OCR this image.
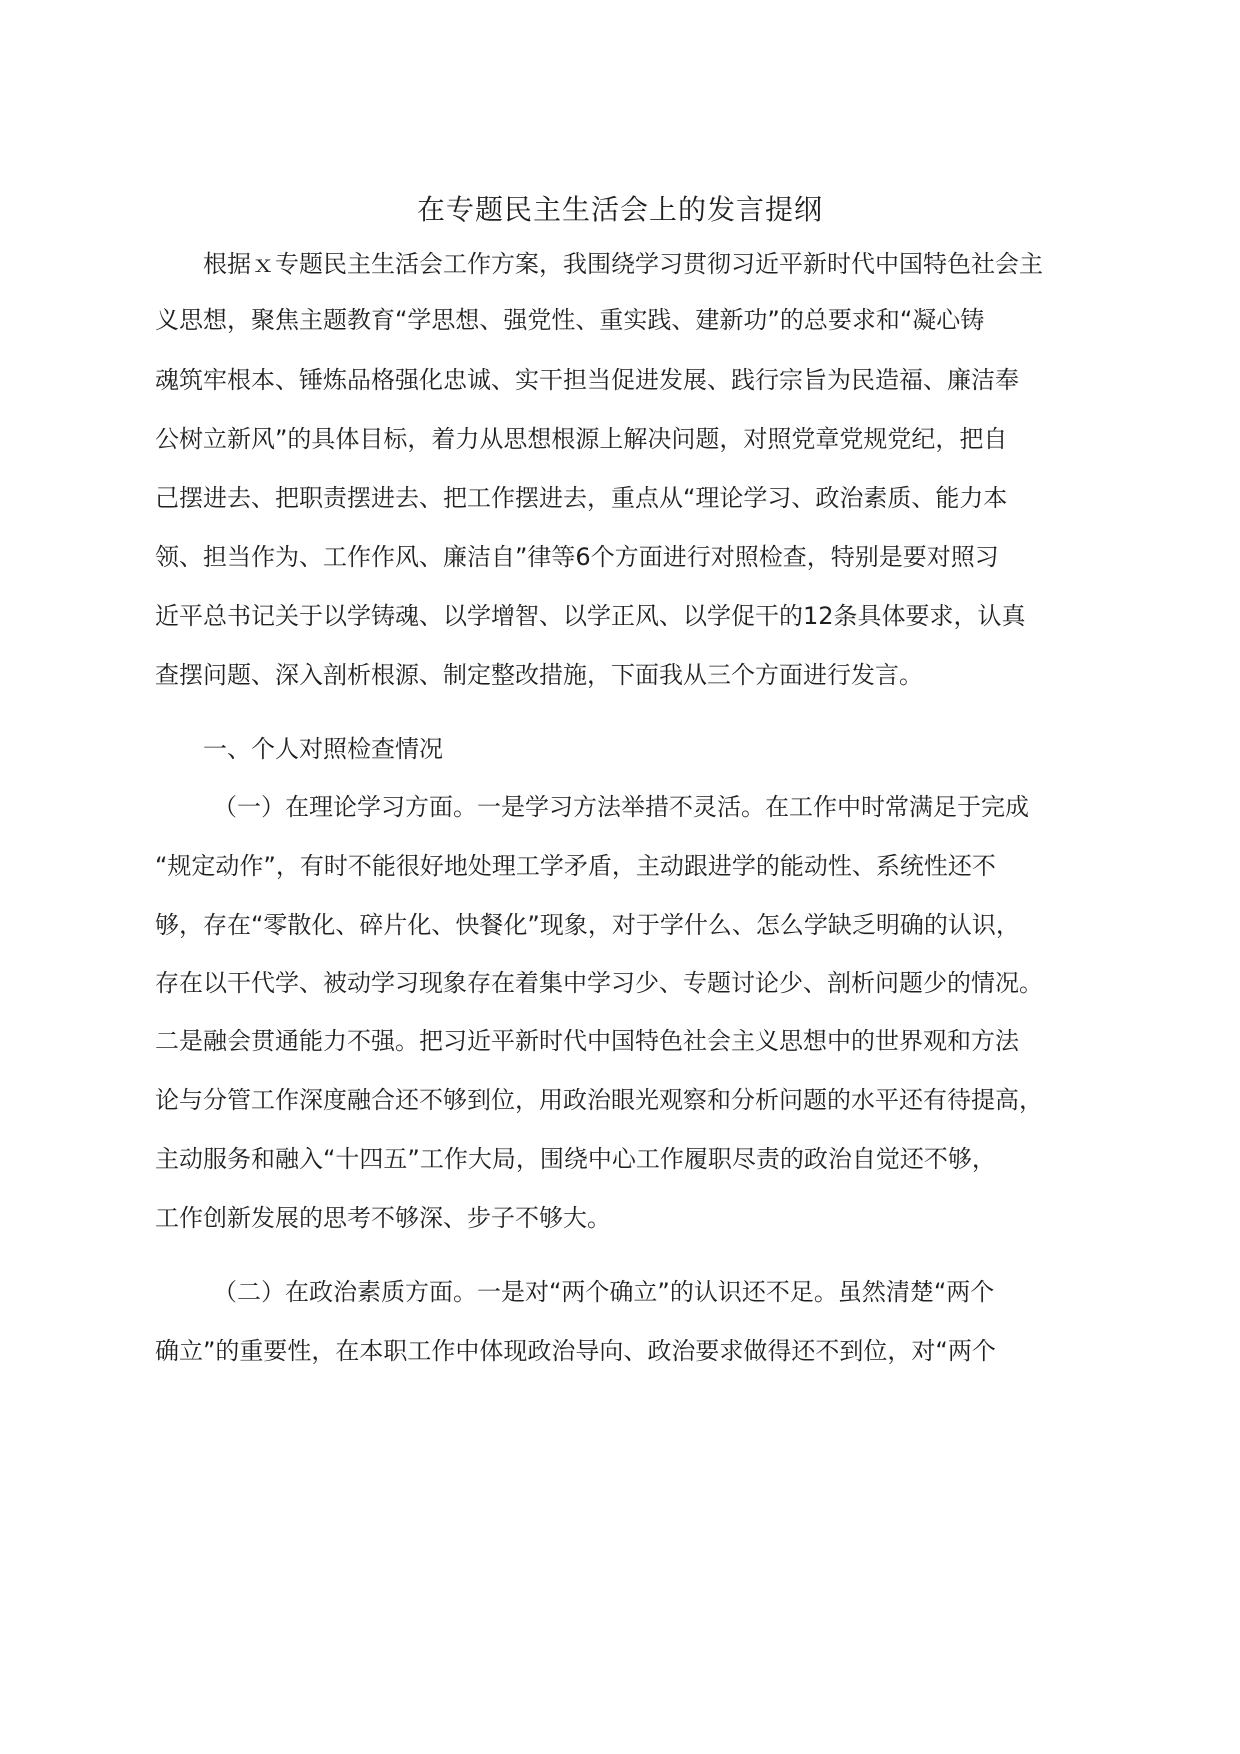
在专题民主生活会上的发言提纲

根据ｘ专题民主生活会工作方案，我围绕学习贯彻习近平新时代中国特色社会主

义思想，聚焦主题教育“学思想、强党性、重实践、建新功”的总要求和“凝心铸

魂筑牢根本、锤炼品格强化忠诚、实干担当促进发展、践行宗旨为民造福、廉洁奉

公树立新风”的具体目标，着力从思想根源上解决问题，对照党章党规党纪，把自

己摆进去、把职责摆进去、把工作摆进去，重点从“理论学习、政治素质、能力本

领、担当作为、工作作风、廉洁自”律等6个方面进行对照检查，特别是要对照习

近平总书记关于以学铸魂、以学增智、以学正风、以学促干的12条具体要求，认真

查摆问题、深入剖析根源、制定整改措施，下面我从三个方面进行发言。

一、个人对照检查情况

（一）在理论学习方面。一是学习方法举措不灵活。在工作中时常满足于完成

“规定动作”，有时不能很好地处理工学矛盾，主动跟进学的能动性、系统性还不

够，存在“零散化、碎片化、快餐化”现象，对于学什么、怎么学缺乏明确的认识，

存在以干代学、被动学习现象存在着集中学习少、专题讨论少、剖析问题少的情况。

二是融会贯通能力不强。把习近平新时代中国特色社会主义思想中的世界观和方法

论与分管工作深度融合还不够到位，用政治眼光观察和分析问题的水平还有待提高，

主动服务和融入“十四五”工作大局，围绕中心工作履职尽责的政治自觉还不够，

工作创新发展的思考不够深、步子不够大。

（二）在政治素质方面。一是对“两个确立”的认识还不足。虽然清楚“两个

确立”的重要性，在本职工作中体现政治导向、政治要求做得还不到位，对“两个
